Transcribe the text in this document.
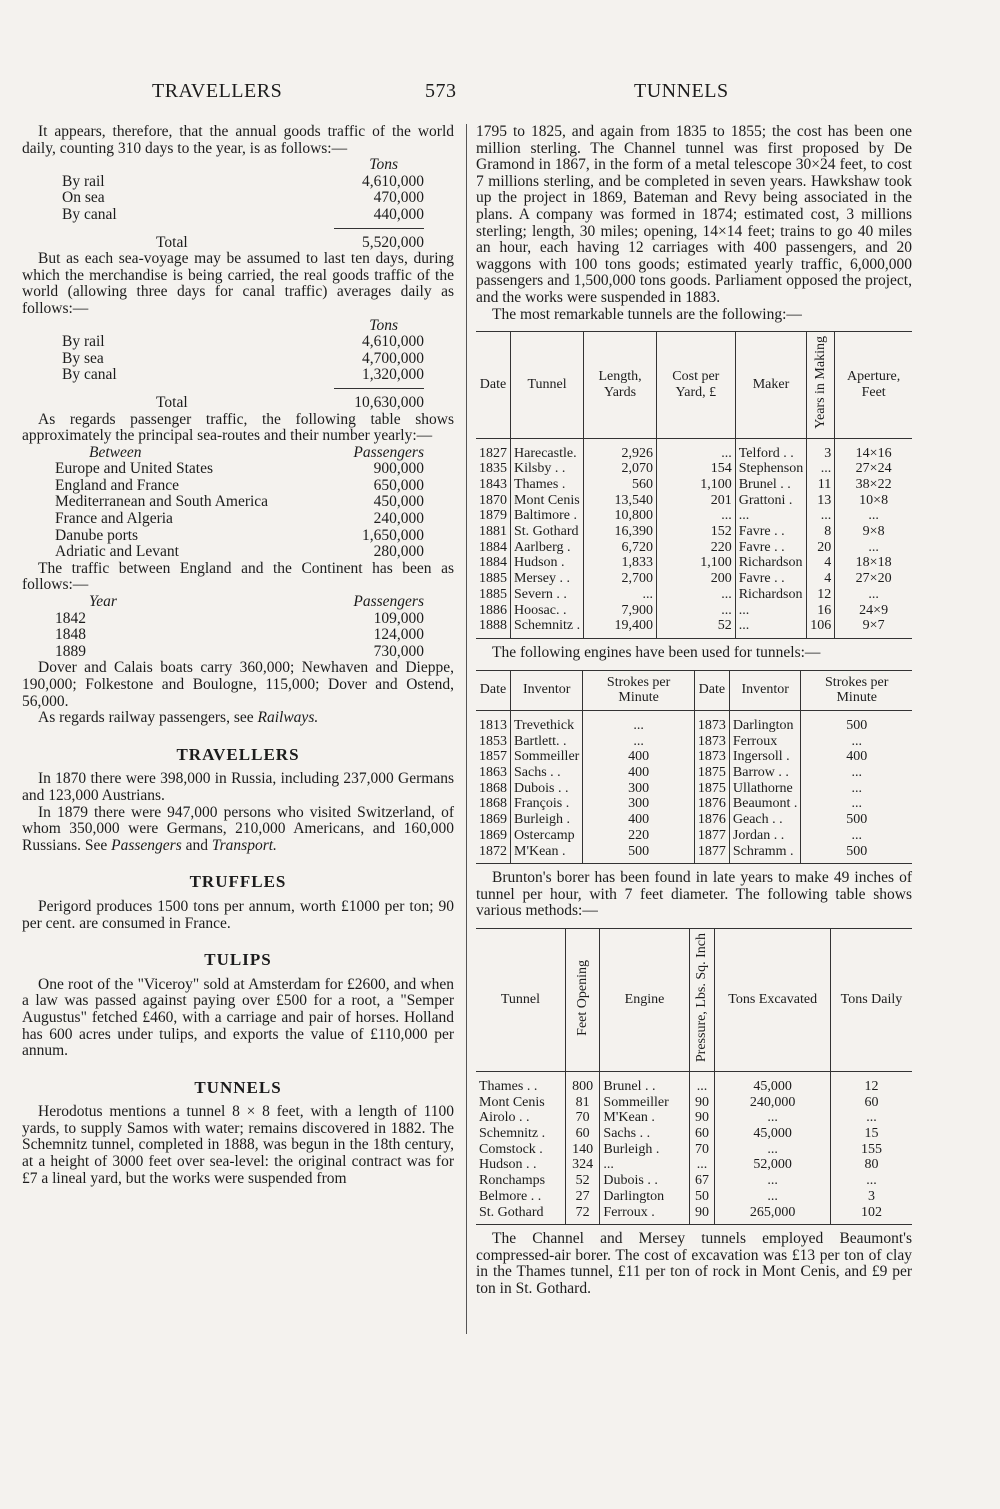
TRAVELLERS	573	TUNNELS

It appears, therefore, that the annual goods traffic of the world daily, counting 310 days to the year, is as follows:—

Tons
By rail	4,610,000
On sea	470,000
By canal	440,000
Total	5,520,000

But as each sea-voyage may be assumed to last ten days, during which the merchandise is being carried, the real goods traffic of the world (allowing three days for canal traffic) averages daily as follows:—

Tons
By rail	4,610,000
By sea	4,700,000
By canal	1,320,000
Total	10,630,000

As regards passenger traffic, the following table shows approximately the principal sea-routes and their number yearly:—

Between	Passengers
Europe and United States	900,000
England and France	650,000
Mediterranean and South America	450,000
France and Algeria	240,000
Danube ports	1,650,000
Adriatic and Levant	280,000

The traffic between England and the Continent has been as follows:—

Year	Passengers
1842	109,000
1848	124,000
1889	730,000

Dover and Calais boats carry 360,000; Newhaven and Dieppe, 190,000; Folkestone and Boulogne, 115,000; Dover and Ostend, 56,000.

As regards railway passengers, see Railways.

TRAVELLERS

In 1870 there were 398,000 in Russia, including 237,000 Germans and 123,000 Austrians.

In 1879 there were 947,000 persons who visited Switzerland, of whom 350,000 were Germans, 210,000 Americans, and 160,000 Russians. See Passengers and Transport.

TRUFFLES

Perigord produces 1500 tons per annum, worth £1000 per ton; 90 per cent. are consumed in France.

TULIPS

One root of the "Viceroy" sold at Amsterdam for £2600, and when a law was passed against paying over £500 for a root, a "Semper Augustus" fetched £460, with a carriage and pair of horses. Holland has 600 acres under tulips, and exports the value of £110,000 per annum.

TUNNELS

Herodotus mentions a tunnel 8 × 8 feet, with a length of 1100 yards, to supply Samos with water; remains discovered in 1882. The Schemnitz tunnel, completed in 1888, was begun in the 18th century, at a height of 3000 feet over sea-level: the original contract was for £7 a lineal yard, but the works were suspended from

1795 to 1825, and again from 1835 to 1855; the cost has been one million sterling. The Channel tunnel was first proposed by De Gramond in 1867, in the form of a metal telescope 30×24 feet, to cost 7 millions sterling, and be completed in seven years. Hawkshaw took up the project in 1869, Bateman and Revy being associated in the plans. A company was formed in 1874; estimated cost, 3 millions sterling; length, 30 miles; opening, 14×14 feet; trains to go 40 miles an hour, each having 12 carriages with 400 passengers, and 20 waggons with 100 tons goods; estimated yearly traffic, 6,000,000 passengers and 1,500,000 tons goods. Parliament opposed the project, and the works were suspended in 1883.

The most remarkable tunnels are the following:—

Date	Tunnel	Length, Yards	Cost per Yard, £	Maker	Years in Making	Aperture, Feet
1827	Harecastle.	2,926	...	Telford . .	3	14×16
1835	Kilsby . .	2,070	154	Stephenson	...	27×24
1843	Thames .	560	1,100	Brunel . .	11	38×22
1870	Mont Cenis	13,540	201	Grattoni .	13	10×8
1879	Baltimore .	10,800	...	...	...	...
1881	St. Gothard	16,390	152	Favre . .	8	9×8
1884	Aarlberg .	6,720	220	Favre . .	20	...
1884	Hudson .	1,833	1,100	Richardson	4	18×18
1885	Mersey . .	2,700	200	Favre . .	4	27×20
1885	Severn . .	...	...	Richardson	12	...
1886	Hoosac. .	7,900	...	...	16	24×9
1888	Schemnitz .	19,400	52	...	106	9×7

The following engines have been used for tunnels:—

Date	Inventor	Strokes per Minute	Date	Inventor	Strokes per Minute
1813	Trevethick	...	1873	Darlington	500
1853	Bartlett. .	...	1873	Ferroux	...
1857	Sommeiller	400	1873	Ingersoll .	400
1863	Sachs . .	400	1875	Barrow . .	...
1868	Dubois . .	300	1875	Ullathorne	...
1868	François .	300	1876	Beaumont .	...
1869	Burleigh .	400	1876	Geach . .	500
1869	Ostercamp	220	1877	Jordan . .	...
1872	M'Kean .	500	1877	Schramm .	500

Brunton's borer has been found in late years to make 49 inches of tunnel per hour, with 7 feet diameter. The following table shows various methods:—

Tunnel	Feet Opening	Engine	Pressure, Lbs. Sq. Inch	Tons Excavated	Tons Daily
Thames . .	800	Brunel . .	...	45,000	12
Mont Cenis	81	Sommeiller	90	240,000	60
Airolo . .	70	M'Kean .	90	...	...
Schemnitz .	60	Sachs . .	60	45,000	15
Comstock .	140	Burleigh .	70	...	155
Hudson . .	324	...	...	52,000	80
Ronchamps	52	Dubois . .	67	...	...
Belmore . .	27	Darlington	50	...	3
St. Gothard	72	Ferroux .	90	265,000	102

The Channel and Mersey tunnels employed Beaumont's compressed-air borer. The cost of excavation was £13 per ton of clay in the Thames tunnel, £11 per ton of rock in Mont Cenis, and £9 per ton in St. Gothard.
